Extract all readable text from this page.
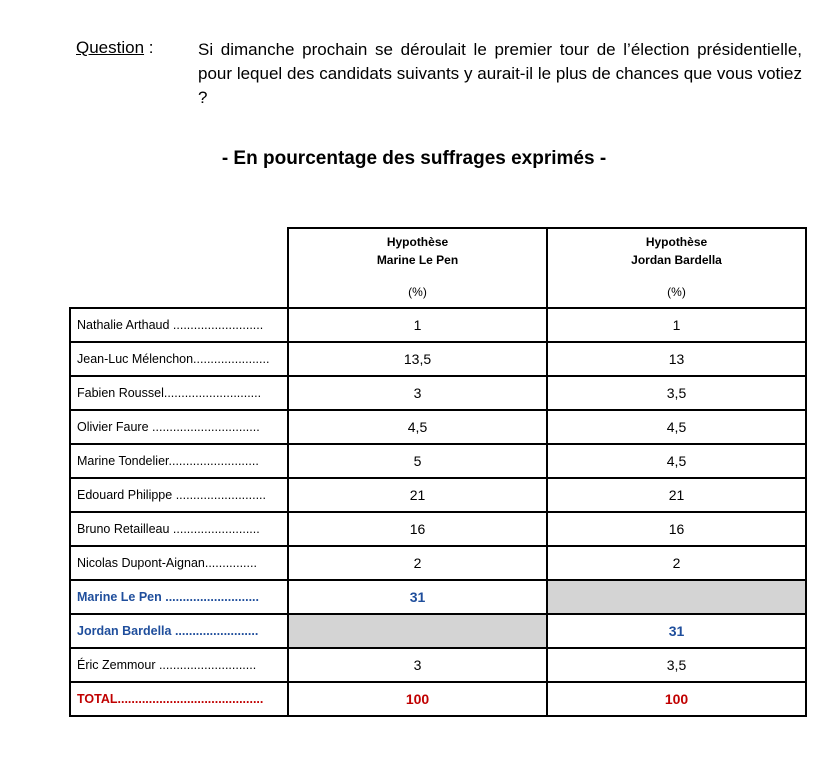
Question :	Si dimanche prochain se déroulait le premier tour de l’élection présidentielle, pour lequel des candidats suivants y aurait-il le plus de chances que vous votiez ?
- En pourcentage des suffrages exprimés -
	Hypothèse
Marine Le Pen
(%)	Hypothèse
Jordan Bardella
(%)

Nathalie Arthaud ..........................	1	1
Jean-Luc Mélenchon......................	13,5	13
Fabien Roussel............................	3	3,5
Olivier Faure ...............................	4,5	4,5
Marine Tondelier..........................	5	4,5
Edouard Philippe ..........................	21	21
Bruno Retailleau .........................	16	16
Nicolas Dupont-Aignan...............	2	2
Marine Le Pen ...........................	31	
Jordan Bardella ........................		31
Éric Zemmour ............................	3	3,5
TOTAL..........................................	100	100
